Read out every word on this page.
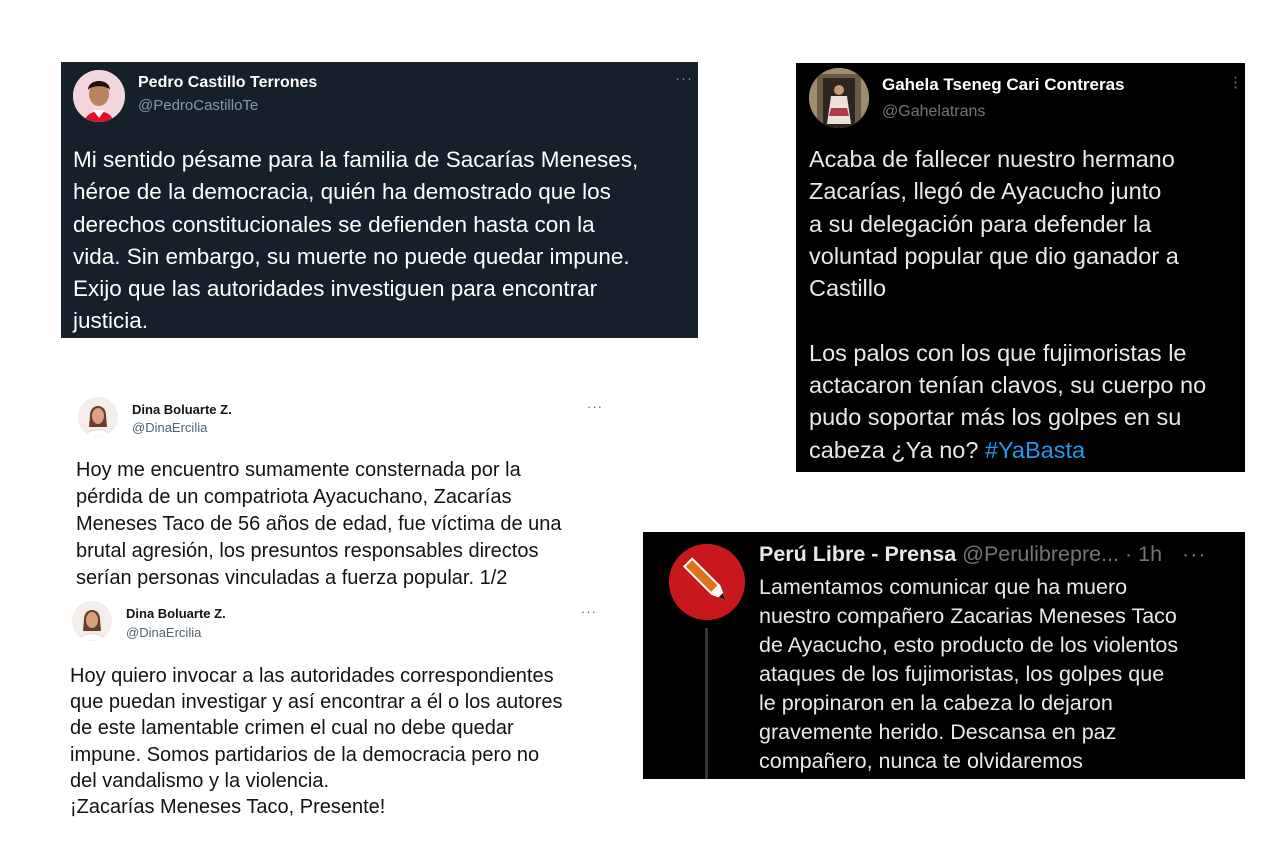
Pedro Castillo Terrones
@PedroCastilloTe
···
Mi sentido pésame para la familia de Sacarías Meneses,
héroe de la democracia, quién ha demostrado que los
derechos constitucionales se defienden hasta con la
vida. Sin embargo, su muerte no puede quedar impune.
Exijo que las autoridades investiguen para encontrar
justicia.
Gahela Tseneg Cari Contreras
@Gahelatrans
⋮
Acaba de fallecer nuestro hermano
Zacarías, llegó de Ayacucho junto
a su delegación para defender la
voluntad popular que dio ganador a
Castillo

Los palos con los que fujimoristas le
actacaron tenían clavos, su cuerpo no
pudo soportar más los golpes en su
cabeza ¿Ya no? #YaBasta
Dina Boluarte Z.
@DinaErcilia
···
Hoy me encuentro sumamente consternada por la
pérdida de un compatriota Ayacuchano, Zacarías
Meneses Taco de 56 años de edad, fue víctima de una
brutal agresión, los presuntos responsables directos
serían personas vinculadas a fuerza popular. 1/2
Dina Boluarte Z.
@DinaErcilia
···
Hoy quiero invocar a las autoridades correspondientes
que puedan investigar y así encontrar a él o los autores
de este lamentable crimen el cual no debe quedar
impune. Somos partidarios de la democracia pero no
del vandalismo y la violencia.
¡Zacarías Meneses Taco, Presente!
Perú Libre - Prensa @Perulibrepre... · 1h ···
Lamentamos comunicar que ha muero
nuestro compañero Zacarias Meneses Taco
de Ayacucho, esto producto de los violentos
ataques de los fujimoristas, los golpes que
le propinaron en la cabeza lo dejaron
gravemente herido. Descansa en paz
compañero, nunca te olvidaremos
